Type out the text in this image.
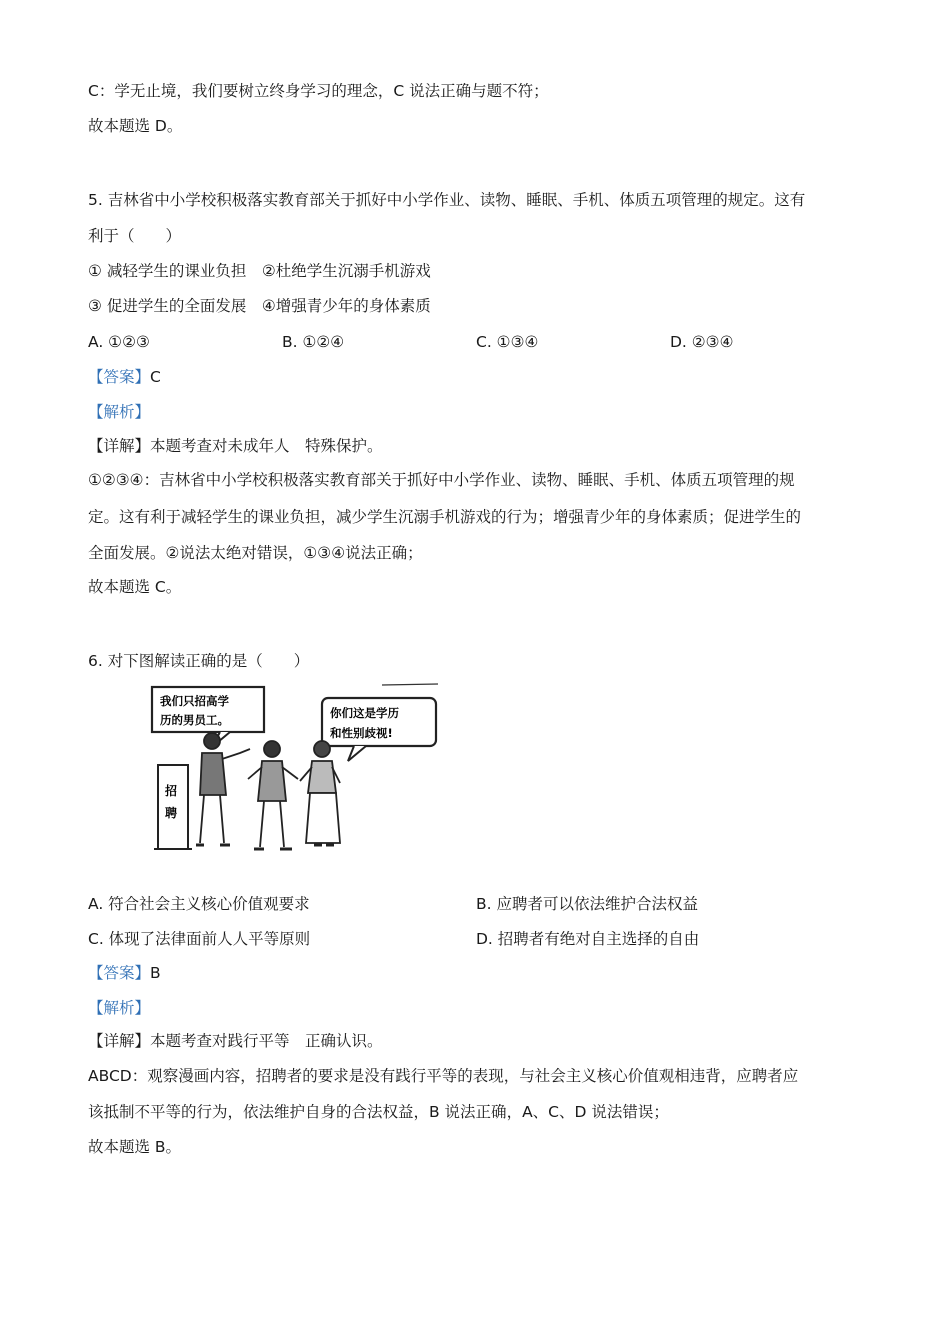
C：学无止境，我们要树立终身学习的理念，C 说法正确与题不符；
故本题选 D。
5. 吉林省中小学校积极落实教育部关于抓好中小学作业、读物、睡眠、手机、体质五项管理的规定。这有
利于（　　）
① 减轻学生的课业负担　②杜绝学生沉溺手机游戏
③ 促进学生的全面发展　④增强青少年的身体素质
A. ①②③	B. ①②④	C. ①③④	D. ②③④
【答案】C
【解析】
【详解】本题考查对未成年人　特殊保护。
①②③④：吉林省中小学校积极落实教育部关于抓好中小学作业、读物、睡眠、手机、体质五项管理的规
定。这有利于减轻学生的课业负担，减少学生沉溺手机游戏的行为；增强青少年的身体素质；促进学生的
全面发展。②说法太绝对错误，①③④说法正确；
故本题选 C。
6. 对下图解读正确的是（　　）
我们只招高学
历的男员工。	你们这是学历
和性别歧视!
招
聘
A. 符合社会主义核心价值观要求	B. 应聘者可以依法维护合法权益
C. 体现了法律面前人人平等原则	D. 招聘者有绝对自主选择的自由
【答案】B
【解析】
【详解】本题考查对践行平等　正确认识。
ABCD：观察漫画内容，招聘者的要求是没有践行平等的表现，与社会主义核心价值观相违背，应聘者应
该抵制不平等的行为，依法维护自身的合法权益，B 说法正确，A、C、D 说法错误；
故本题选 B。
